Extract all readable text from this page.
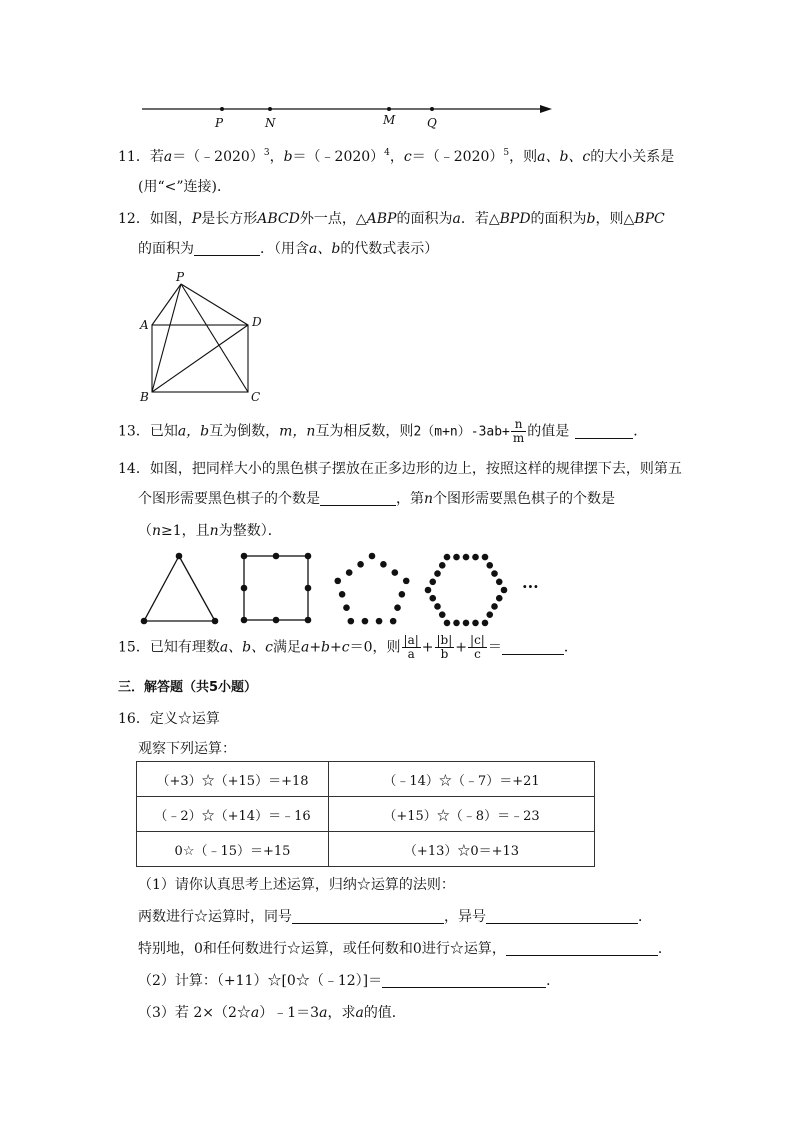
P	N	M	Q
11．若a＝（﹣2020）$^3$，b＝（﹣2020）$^4$，c＝（﹣2020）$^5$，则a、b、c的大小关系是
(用“<”连接)．
12．如图，P是长方形ABCD外一点，△ABP的面积为a．若△BPD的面积为b，则△BPC
的面积为	．（用含a、b的代数式表示）
P
A	D
B	C
13．已知a，b互为倒数，m，n互为相反数，则$2(m+n)-3ab+ \frac{n}{m}$ 的值是	．
14．如图，把同样大小的黑色棋子摆放在正多边形的边上，按照这样的规律摆下去，则第五
个图形需要黑色棋子的个数是	，第n个图形需要黑色棋子的个数是
（n≥1，且n为整数）．
···
15．已知有理数a、b、c满足a+b+c＝0，则 $\frac{|a|}{a} + \frac{|b|}{b} + \frac{|c|}{c}$ ＝	．
三．解答题（共5小题）
16．定义☆运算
观察下列运算：
（+3）☆（+15）＝+18	（﹣14）☆（﹣7）＝+21
（﹣2）☆（+14）＝﹣16	（+15）☆（﹣8）＝﹣23
0☆（﹣15）＝+15	（+13）☆0＝+13
（1）请你认真思考上述运算，归纳☆运算的法则：
两数进行☆运算时，同号	，异号	．
特别地，0和任何数进行☆运算，或任何数和0进行☆运算，	．
（2）计算：（+11）☆[0☆（﹣12）]＝	．
（3）若 2×（2☆a）﹣1＝3a，求a的值．
